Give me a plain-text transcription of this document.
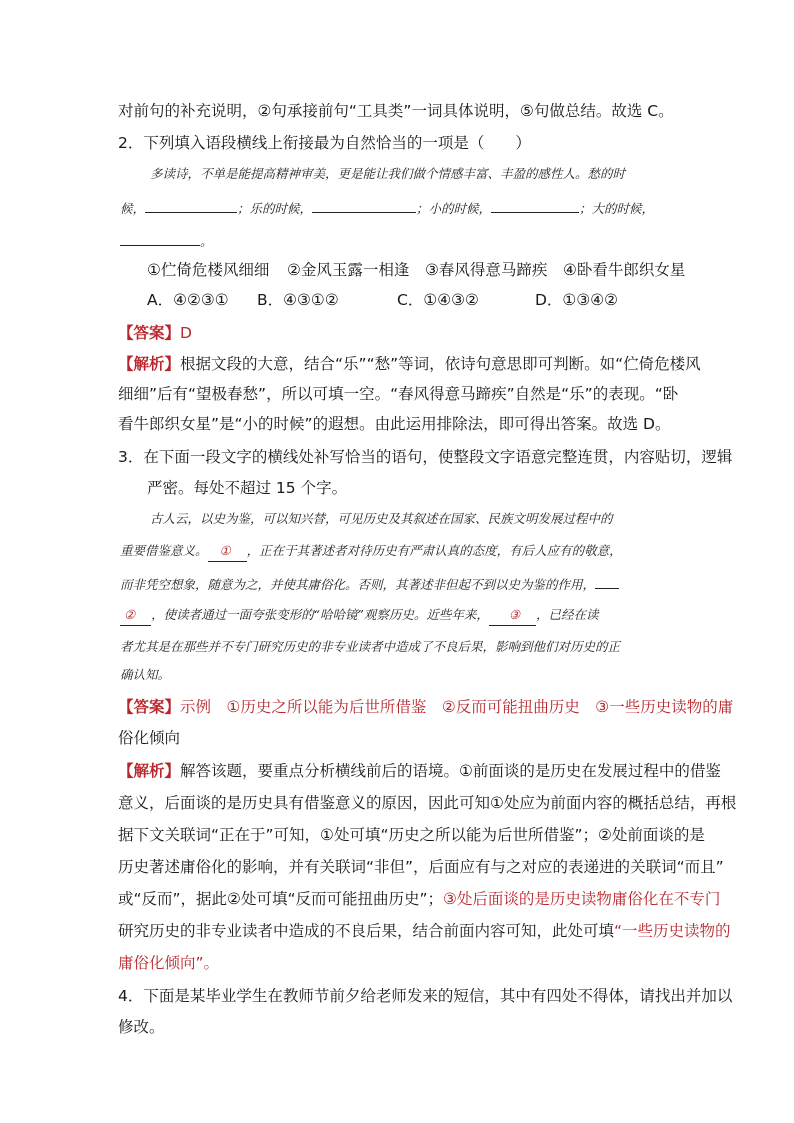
对前句的补充说明，②句承接前句“工具类”一词具体说明，⑤句做总结。故选 C。
2．下列填入语段横线上衔接最为自然恰当的一项是（　　）
多读诗，不单是能提高精神审美，更是能让我们做个情感丰富、丰盈的感性人。愁的时
候，	；乐的时候，	；小的时候，	；大的时候，
。
①伫倚危楼风细细 ②金风玉露一相逢 ③春风得意马蹄疾 ④卧看牛郎织女星
A．④②③① B．④③①②	C．①④③②	D．①③④②
【答案】D
【解析】根据文段的大意，结合“乐”“愁”等词，依诗句意思即可判断。如“伫倚危楼风
细细”后有“望极春愁”，所以可填一空。“春风得意马蹄疾”自然是“乐”的表现。“卧
看牛郎织女星”是“小的时候”的遐想。由此运用排除法，即可得出答案。故选 D。
3．在下面一段文字的横线处补写恰当的语句，使整段文字语意完整连贯，内容贴切，逻辑
严密。每处不超过 15 个字。
古人云，以史为鉴，可以知兴替，可见历史及其叙述在国家、民族文明发展过程中的
重要借鉴意义。 ① ，正在于其著述者对待历史有严肃认真的态度，有后人应有的敬意，
而非凭空想象，随意为之，并使其庸俗化。否则，其著述非但起不到以史为鉴的作用，
② ，使读者通过一面夸张变形的“哈哈镜”观察历史。近些年来， ③ ，已经在读
者尤其是在那些并不专门研究历史的非专业读者中造成了不良后果，影响到他们对历史的正
确认知。
【答案】示例　①历史之所以能为后世所借鉴　②反而可能扭曲历史　③一些历史读物的庸
俗化倾向
【解析】解答该题，要重点分析横线前后的语境。①前面谈的是历史在发展过程中的借鉴
意义，后面谈的是历史具有借鉴意义的原因，因此可知①处应为前面内容的概括总结，再根
据下文关联词“正在于”可知，①处可填“历史之所以能为后世所借鉴”；②处前面谈的是
历史著述庸俗化的影响，并有关联词“非但”，后面应有与之对应的表递进的关联词“而且”
或“反而”，据此②处可填“反而可能扭曲历史”；③处后面谈的是历史读物庸俗化在不专门
研究历史的非专业读者中造成的不良后果，结合前面内容可知，此处可填“一些历史读物的
庸俗化倾向”。
4．下面是某毕业学生在教师节前夕给老师发来的短信，其中有四处不得体，请找出并加以
修改。
